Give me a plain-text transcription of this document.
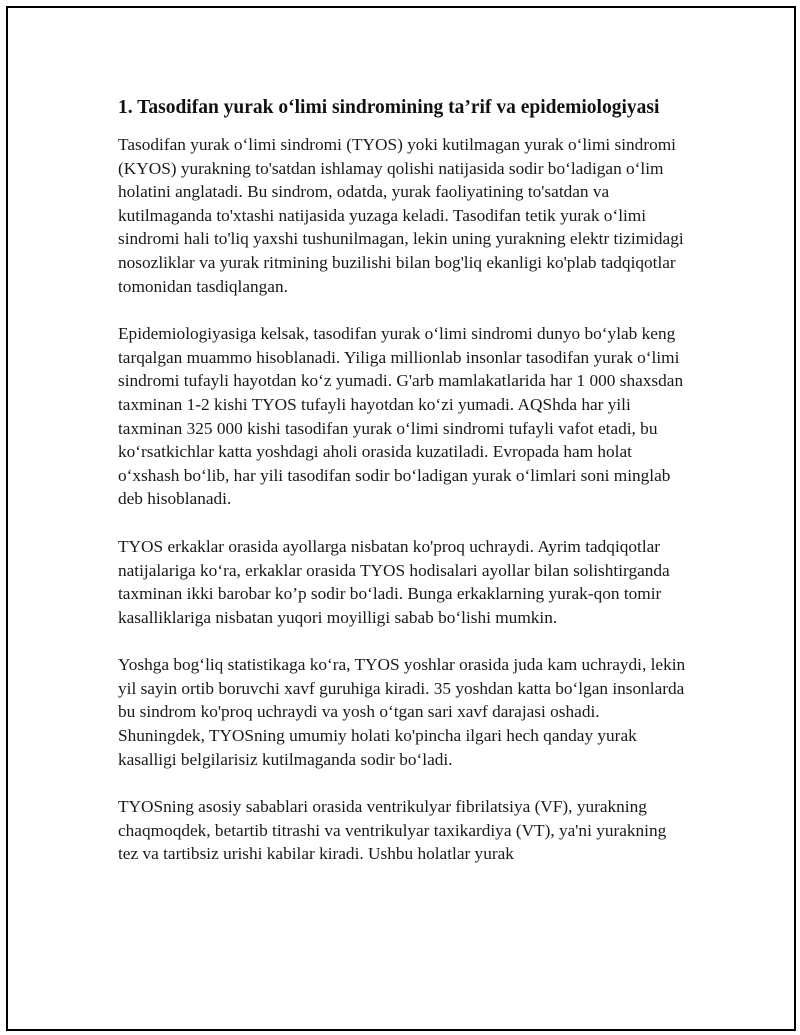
1. Tasodifan yurak o‘limi sindromining ta’rif va epidemiologiyasi

Tasodifan yurak o‘limi sindromi (TYOS) yoki kutilmagan yurak o‘limi sindromi (KYOS) yurakning to'satdan ishlamay qolishi natijasida sodir bo‘ladigan o‘lim holatini anglatadi. Bu sindrom, odatda, yurak faoliyatining to'satdan va kutilmaganda to'xtashi natijasida yuzaga keladi. Tasodifan tetik yurak o‘limi sindromi hali to'liq yaxshi tushunilmagan, lekin uning yurakning elektr tizimidagi nosozliklar va yurak ritmining buzilishi bilan bog'liq ekanligi ko'plab tadqiqotlar tomonidan tasdiqlangan.

Epidemiologiyasiga kelsak, tasodifan yurak o‘limi sindromi dunyo bo‘ylab keng tarqalgan muammo hisoblanadi. Yiliga millionlab insonlar tasodifan yurak o‘limi sindromi tufayli hayotdan ko‘z yumadi. G'arb mamlakatlarida har 1 000 shaxsdan taxminan 1-2 kishi TYOS tufayli hayotdan ko‘zi yumadi. AQShda har yili taxminan 325 000 kishi tasodifan yurak o‘limi sindromi tufayli vafot etadi, bu ko‘rsatkichlar katta yoshdagi aholi orasida kuzatiladi. Evropada ham holat o‘xshash bo‘lib, har yili tasodifan sodir bo‘ladigan yurak o‘limlari soni minglab deb hisoblanadi.

TYOS erkaklar orasida ayollarga nisbatan ko'proq uchraydi. Ayrim tadqiqotlar natijalariga ko‘ra, erkaklar orasida TYOS hodisalari ayollar bilan solishtirganda taxminan ikki barobar ko’p sodir bo‘ladi. Bunga erkaklarning yurak-qon tomir kasalliklariga nisbatan yuqori moyilligi sabab bo‘lishi mumkin.

Yoshga bog‘liq statistikaga ko‘ra, TYOS yoshlar orasida juda kam uchraydi, lekin yil sayin ortib boruvchi xavf guruhiga kiradi. 35 yoshdan katta bo‘lgan insonlarda bu sindrom ko'proq uchraydi va yosh o‘tgan sari xavf darajasi oshadi. Shuningdek, TYOSning umumiy holati ko'pincha ilgari hech qanday yurak kasalligi belgilarisiz kutilmaganda sodir bo‘ladi.

TYOSning asosiy sabablari orasida ventrikulyar fibrilatsiya (VF), yurakning chaqmoqdek, betartib titrashi va ventrikulyar taxikardiya (VT), ya'ni yurakning tez va tartibsiz urishi kabilar kiradi. Ushbu holatlar yurak
